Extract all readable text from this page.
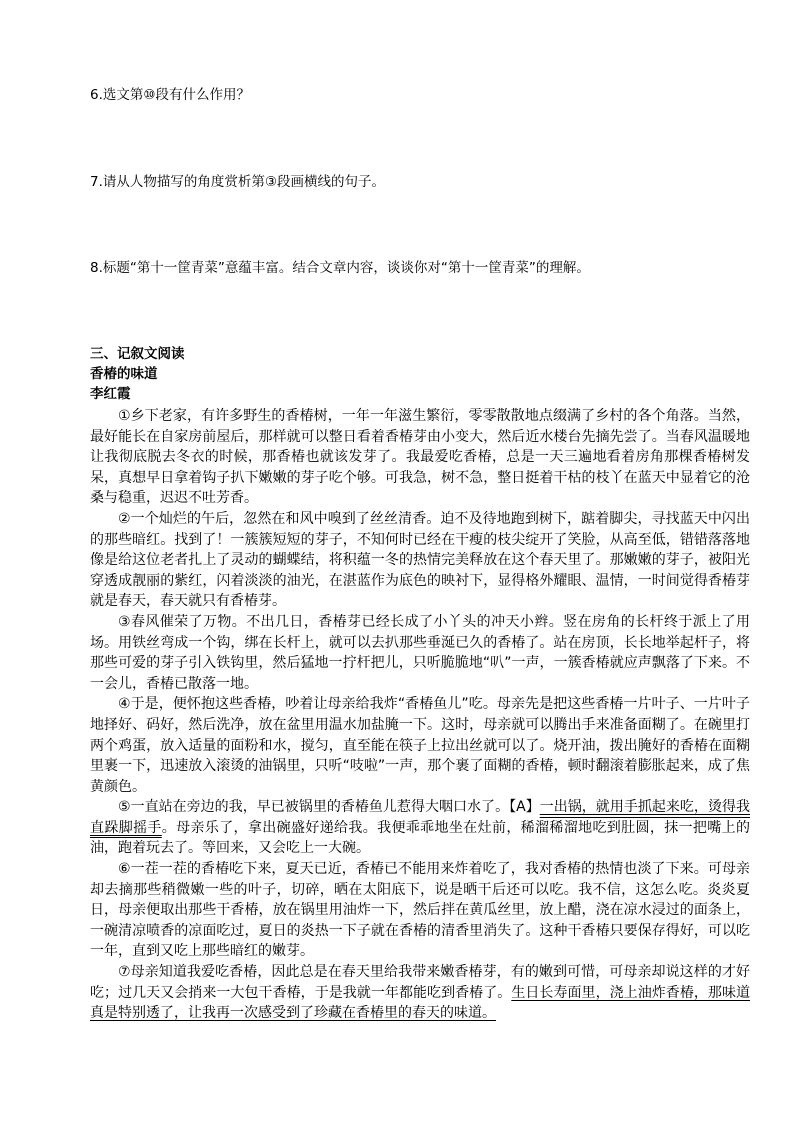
6.选文第⑩段有什么作用？
7.请从人物描写的角度赏析第③段画横线的句子。
8.标题“第十一筐青菜”意蕴丰富。结合文章内容，谈谈你对“第十一筐青菜”的理解。
三、记叙文阅读
香椿的味道
李红霞

①乡下老家，有许多野生的香椿树，一年一年滋生繁衍，零零散散地点缀满了乡村的各个角落。当然，最好能长在自家房前屋后，那样就可以整日看着香椿芽由小变大，然后近水楼台先摘先尝了。当春风温暖地让我彻底脱去冬衣的时候，那香椿也就该发芽了。我最爱吃香椿，总是一天三遍地看着房角那棵香椿树发呆，真想早日拿着钩子扒下嫩嫩的芽子吃个够。可我急，树不急，整日挺着干枯的枝丫在蓝天中显着它的沧桑与稳重，迟迟不吐芳香。

②一个灿烂的午后，忽然在和风中嗅到了丝丝清香。迫不及待地跑到树下，踮着脚尖，寻找蓝天中闪出的那些暗红。找到了！一簇簇短短的芽子，不知何时已经在干瘦的枝尖绽开了笑脸，从高至低，错错落落地像是给这位老者扎上了灵动的蝴蝶结，将积蕴一冬的热情完美释放在这个春天里了。那嫩嫩的芽子，被阳光穿透成靓丽的紫红，闪着淡淡的油光，在湛蓝作为底色的映衬下，显得格外耀眼、温情，一时间觉得香椿芽就是春天，春天就只有香椿芽。

③春风催荣了万物。不出几日，香椿芽已经长成了小丫头的冲天小辫。竖在房角的长杆终于派上了用场。用铁丝弯成一个钩，绑在长杆上，就可以去扒那些垂涎已久的香椿了。站在房顶，长长地举起杆子，将那些可爱的芽子引入铁钩里，然后猛地一拧杆把儿，只听脆脆地“叭”一声，一簇香椿就应声飘落了下来。不一会儿，香椿已散落一地。

④于是，便怀抱这些香椿，吵着让母亲给我炸“香椿鱼儿”吃。母亲先是把这些香椿一片叶子、一片叶子地择好、码好，然后洗净，放在盆里用温水加盐腌一下。这时，母亲就可以腾出手来准备面糊了。在碗里打两个鸡蛋，放入适量的面粉和水，搅匀，直至能在筷子上拉出丝就可以了。烧开油，拨出腌好的香椿在面糊里裹一下，迅速放入滚烫的油锅里，只听“吱啦”一声，那个裹了面糊的香椿，顿时翻滚着膨胀起来，成了焦黄颜色。

⑤一直站在旁边的我，早已被锅里的香椿鱼儿惹得大咽口水了。【A】一出锅，就用手抓起来吃，烫得我直跺脚摇手。母亲乐了，拿出碗盛好递给我。我便乖乖地坐在灶前，稀溜稀溜地吃到肚圆，抹一把嘴上的油，跑着玩去了。等回来，又会吃上一大碗。

⑥一茬一茬的香椿吃下来，夏天已近，香椿已不能用来炸着吃了，我对香椿的热情也淡了下来。可母亲却去摘那些稍微嫩一些的叶子，切碎，晒在太阳底下，说是晒干后还可以吃。我不信，这怎么吃。炎炎夏日，母亲便取出那些干香椿，放在锅里用油炸一下，然后拌在黄瓜丝里，放上醋，浇在凉水浸过的面条上，一碗清凉喷香的凉面吃过，夏日的炎热一下子就在香椿的清香里消失了。这种干香椿只要保存得好，可以吃一年，直到又吃上那些暗红的嫩芽。

⑦母亲知道我爱吃香椿，因此总是在春天里给我带来嫩香椿芽，有的嫩到可惜，可母亲却说这样的才好吃；过几天又会捎来一大包干香椿，于是我就一年都能吃到香椿了。生日长寿面里，浇上油炸香椿，那味道真是特别透了，让我再一次感受到了珍藏在香椿里的春天的味道。
